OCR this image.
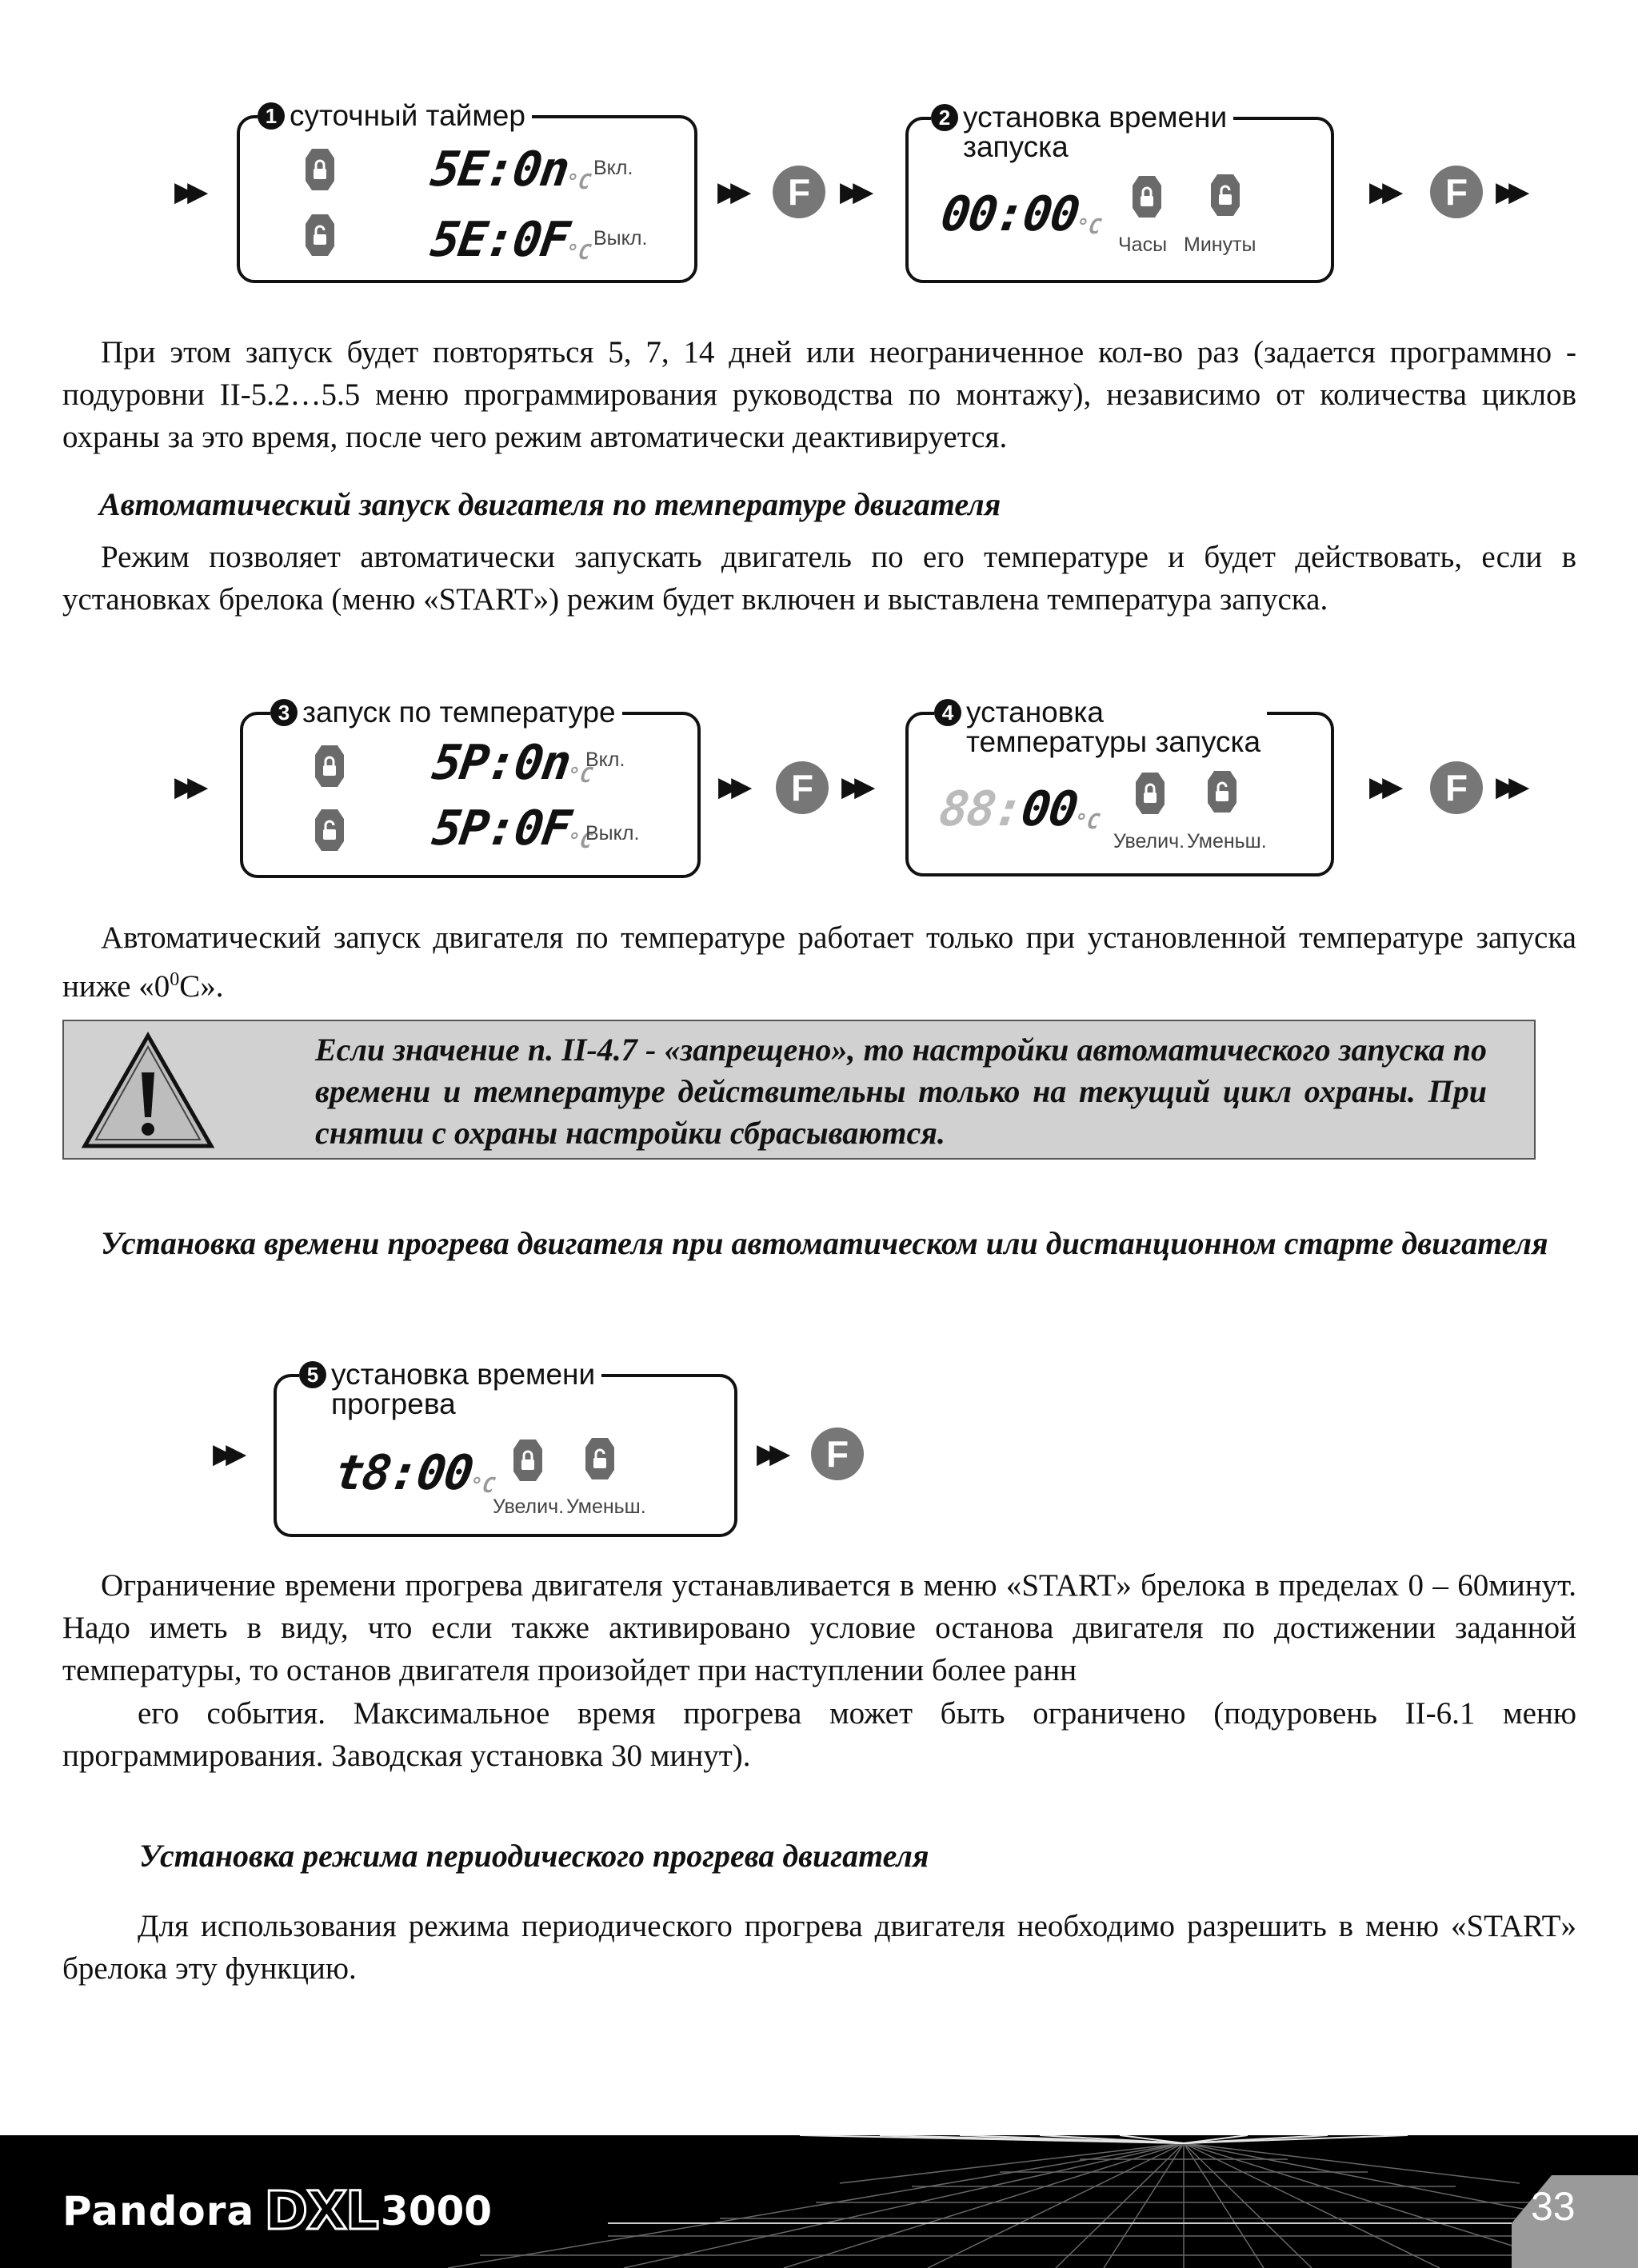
▶▶
1 суточный таймер
5E:0n°C
Вкл.
5E:0F°C
Выкл.
▶▶	F	▶▶
2 установка времени
запуска
00:00°C
Часы Минуты
▶▶	F	▶▶

При этом запуск будет повторяться 5, 7, 14 дней или неограниченное кол-во раз (задается программно - подуровни II-5.2…5.5 меню программирования руководства по монтажу), независимо от количества циклов охраны за это время, после чего режим автоматически деактивируется.

Автоматический запуск двигателя по температуре двигателя

Режим позволяет автоматически запускать двигатель по его температуре и будет действовать, если в установках брелока (меню «START») режим будет включен и выставлена температура запуска.

▶▶
3 запуск по температуре
5P:0n°C
Вкл.
5P:0F°C
Выкл.
▶▶	F	▶▶
4 установка
температуры запуска
88:00°C
Увелич. Уменьш.
▶▶	F	▶▶

Автоматический запуск двигателя по температуре работает только при установленной температуре запуска ниже «$0^0С$».

Если значение п. II-4.7 - «запрещено», то настройки автоматического запуска по времени и температуре действительны только на текущий цикл охраны. При снятии с охраны настройки сбрасываются.

Установка времени прогрева двигателя при автоматическом или дистанционном старте двигателя

▶▶
5 установка времени
прогрева
t8:00°C
Увелич. Уменьш.
▶▶	F

Ограничение времени прогрева двигателя устанавливается в меню «START» брелока в пределах 0 – 60минут. Надо иметь в виду, что если также активировано условие останова двигателя по достижении заданной температуры, то останов двигателя произойдет при наступлении более ранн

его события. Максимальное время прогрева может быть ограничено (подуровень II-6.1 меню программирования. Заводская установка 30 минут).

Установка режима периодического прогрева двигателя

Для использования режима периодического прогрева двигателя необходимо разрешить в меню «START» брелока эту функцию.

Pandora DXL 3000	33
